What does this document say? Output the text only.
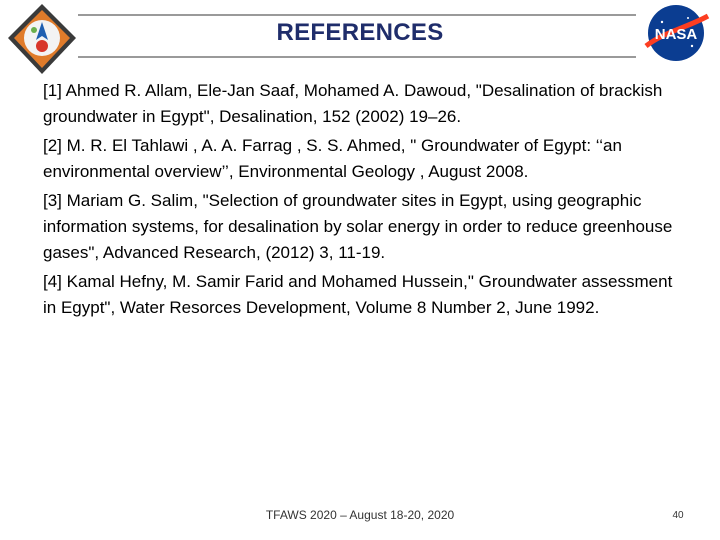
REFERENCES	NASA

[1] Ahmed R. Allam, Ele-Jan Saaf, Mohamed A. Dawoud, "Desalination of brackish groundwater in Egypt", Desalination, 152 (2002) 19–26.

[2] M. R. El Tahlawi , A. A. Farrag , S. S. Ahmed, " Groundwater of Egypt: ‘‘an environmental overview’’, Environmental Geology , August 2008.

[3] Mariam G. Salim, "Selection of groundwater sites in Egypt, using geographic information systems, for desalination by solar energy in order to reduce greenhouse gases", Advanced Research, (2012) 3, 11-19.

[4] Kamal Hefny, M. Samir Farid and Mohamed Hussein," Groundwater assessment in Egypt", Water Resorces Development, Volume 8 Number 2, June 1992.

TFAWS 2020 – August 18-20, 2020	40
